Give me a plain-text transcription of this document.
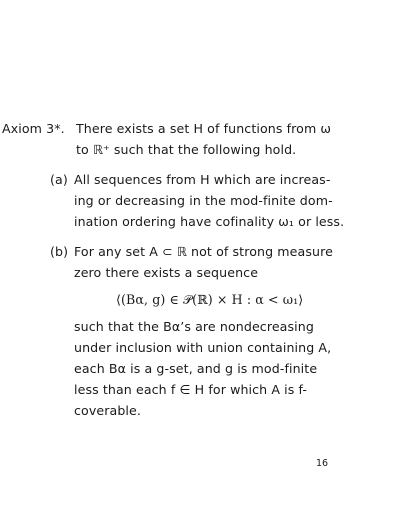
Axiom 3*. There exists a set H of functions from ω
to ℝ⁺ such that the following hold.
(a) All sequences from H which are increas-
ing or decreasing in the mod-finite dom-
ination ordering have cofinality ω₁ or less.
(b) For any set A ⊂ ℝ not of strong measure
zero there exists a sequence
⟨(Bα, g) ∈ 𝒫(ℝ) × H : α < ω₁⟩
such that the Bα’s are nondecreasing
under inclusion with union containing A,
each Bα is a g-set, and g is mod-finite
less than each f ∈ H for which A is f-
coverable.
16
